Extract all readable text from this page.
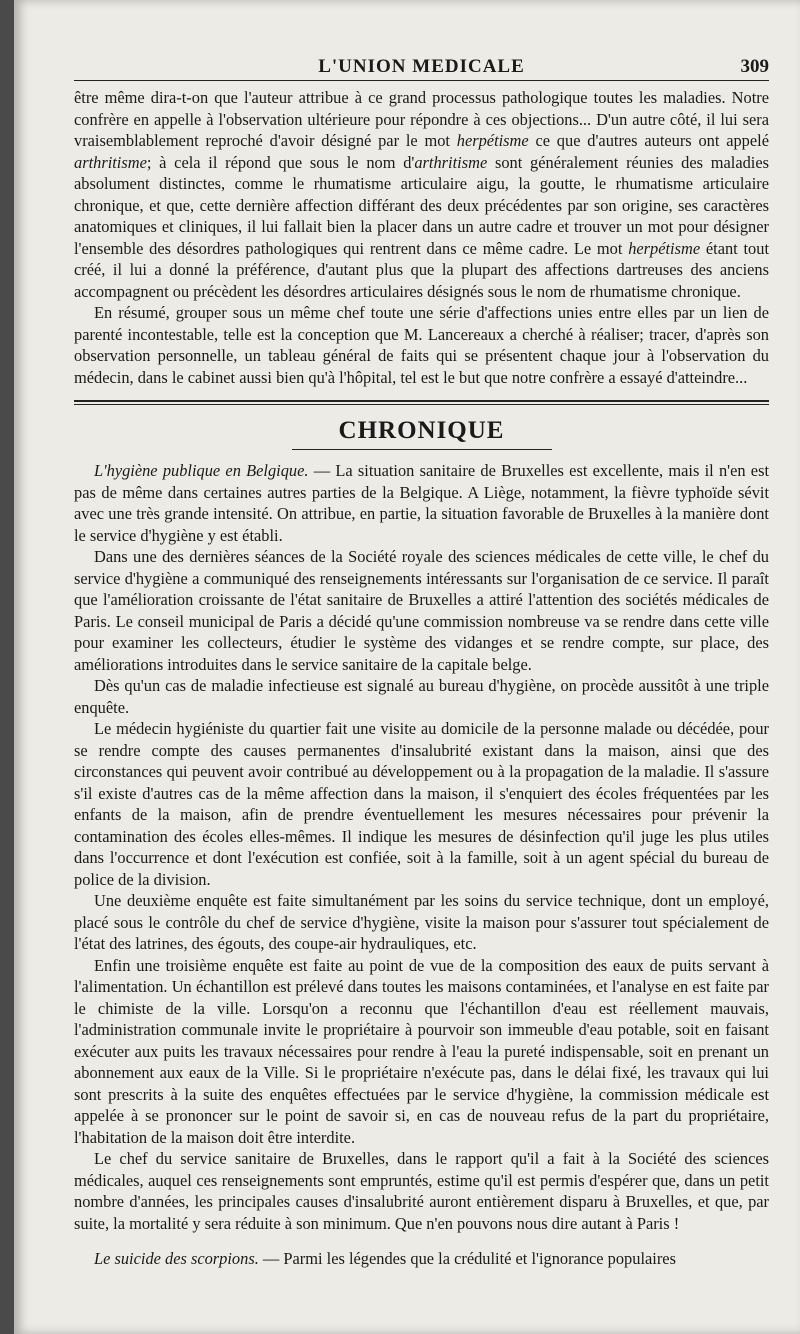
L'UNION MEDICALE	309

être même dira-t-on que l'auteur attribue à ce grand processus pathologique toutes les maladies. Notre confrère en appelle à l'observation ultérieure pour répondre à ces objections... D'un autre côté, il lui sera vraisemblablement reproché d'avoir désigné par le mot herpétisme ce que d'autres auteurs ont appelé arthritisme; à cela il répond que sous le nom d'arthritisme sont généralement réunies des maladies absolument distinctes, comme le rhumatisme articulaire aigu, la goutte, le rhumatisme articulaire chronique, et que, cette dernière affection différant des deux précédentes par son origine, ses caractères anatomiques et cliniques, il lui fallait bien la placer dans un autre cadre et trouver un mot pour désigner l'ensemble des désordres pathologiques qui rentrent dans ce même cadre. Le mot herpétisme étant tout créé, il lui a donné la préférence, d'autant plus que la plupart des affections dartreuses des anciens accompagnent ou précèdent les désordres articulaires désignés sous le nom de rhumatisme chronique.

En résumé, grouper sous un même chef toute une série d'affections unies entre elles par un lien de parenté incontestable, telle est la conception que M. Lancereaux a cherché à réaliser; tracer, d'après son observation personnelle, un tableau général de faits qui se présentent chaque jour à l'observation du médecin, dans le cabinet aussi bien qu'à l'hôpital, tel est le but que notre confrère a essayé d'atteindre...

CHRONIQUE

L'hygiène publique en Belgique. — La situation sanitaire de Bruxelles est excellente, mais il n'en est pas de même dans certaines autres parties de la Belgique. A Liège, notamment, la fièvre typhoïde sévit avec une très grande intensité. On attribue, en partie, la situation favorable de Bruxelles à la manière dont le service d'hygiène y est établi.

Dans une des dernières séances de la Société royale des sciences médicales de cette ville, le chef du service d'hygiène a communiqué des renseignements intéressants sur l'organisation de ce service. Il paraît que l'amélioration croissante de l'état sanitaire de Bruxelles a attiré l'attention des sociétés médicales de Paris. Le conseil municipal de Paris a décidé qu'une commission nombreuse va se rendre dans cette ville pour examiner les collecteurs, étudier le système des vidanges et se rendre compte, sur place, des améliorations introduites dans le service sanitaire de la capitale belge.

Dès qu'un cas de maladie infectieuse est signalé au bureau d'hygiène, on procède aussitôt à une triple enquête.

Le médecin hygiéniste du quartier fait une visite au domicile de la personne malade ou décédée, pour se rendre compte des causes permanentes d'insalubrité existant dans la maison, ainsi que des circonstances qui peuvent avoir contribué au développement ou à la propagation de la maladie. Il s'assure s'il existe d'autres cas de la même affection dans la maison, il s'enquiert des écoles fréquentées par les enfants de la maison, afin de prendre éventuellement les mesures nécessaires pour prévenir la contamination des écoles elles-mêmes. Il indique les mesures de désinfection qu'il juge les plus utiles dans l'occurrence et dont l'exécution est confiée, soit à la famille, soit à un agent spécial du bureau de police de la division.

Une deuxième enquête est faite simultanément par les soins du service technique, dont un employé, placé sous le contrôle du chef de service d'hygiène, visite la maison pour s'assurer tout spécialement de l'état des latrines, des égouts, des coupe-air hydrauliques, etc.

Enfin une troisième enquête est faite au point de vue de la composition des eaux de puits servant à l'alimentation. Un échantillon est prélevé dans toutes les maisons contaminées, et l'analyse en est faite par le chimiste de la ville. Lorsqu'on a reconnu que l'échantillon d'eau est réellement mauvais, l'administration communale invite le propriétaire à pourvoir son immeuble d'eau potable, soit en faisant exécuter aux puits les travaux nécessaires pour rendre à l'eau la pureté indispensable, soit en prenant un abonnement aux eaux de la Ville. Si le propriétaire n'exécute pas, dans le délai fixé, les travaux qui lui sont prescrits à la suite des enquêtes effectuées par le service d'hygiène, la commission médicale est appelée à se prononcer sur le point de savoir si, en cas de nouveau refus de la part du propriétaire, l'habitation de la maison doit être interdite.

Le chef du service sanitaire de Bruxelles, dans le rapport qu'il a fait à la Société des sciences médicales, auquel ces renseignements sont empruntés, estime qu'il est permis d'espérer que, dans un petit nombre d'années, les principales causes d'insalubrité auront entièrement disparu à Bruxelles, et que, par suite, la mortalité y sera réduite à son minimum. Que n'en pouvons nous dire autant à Paris !

Le suicide des scorpions. — Parmi les légendes que la crédulité et l'ignorance populaires
